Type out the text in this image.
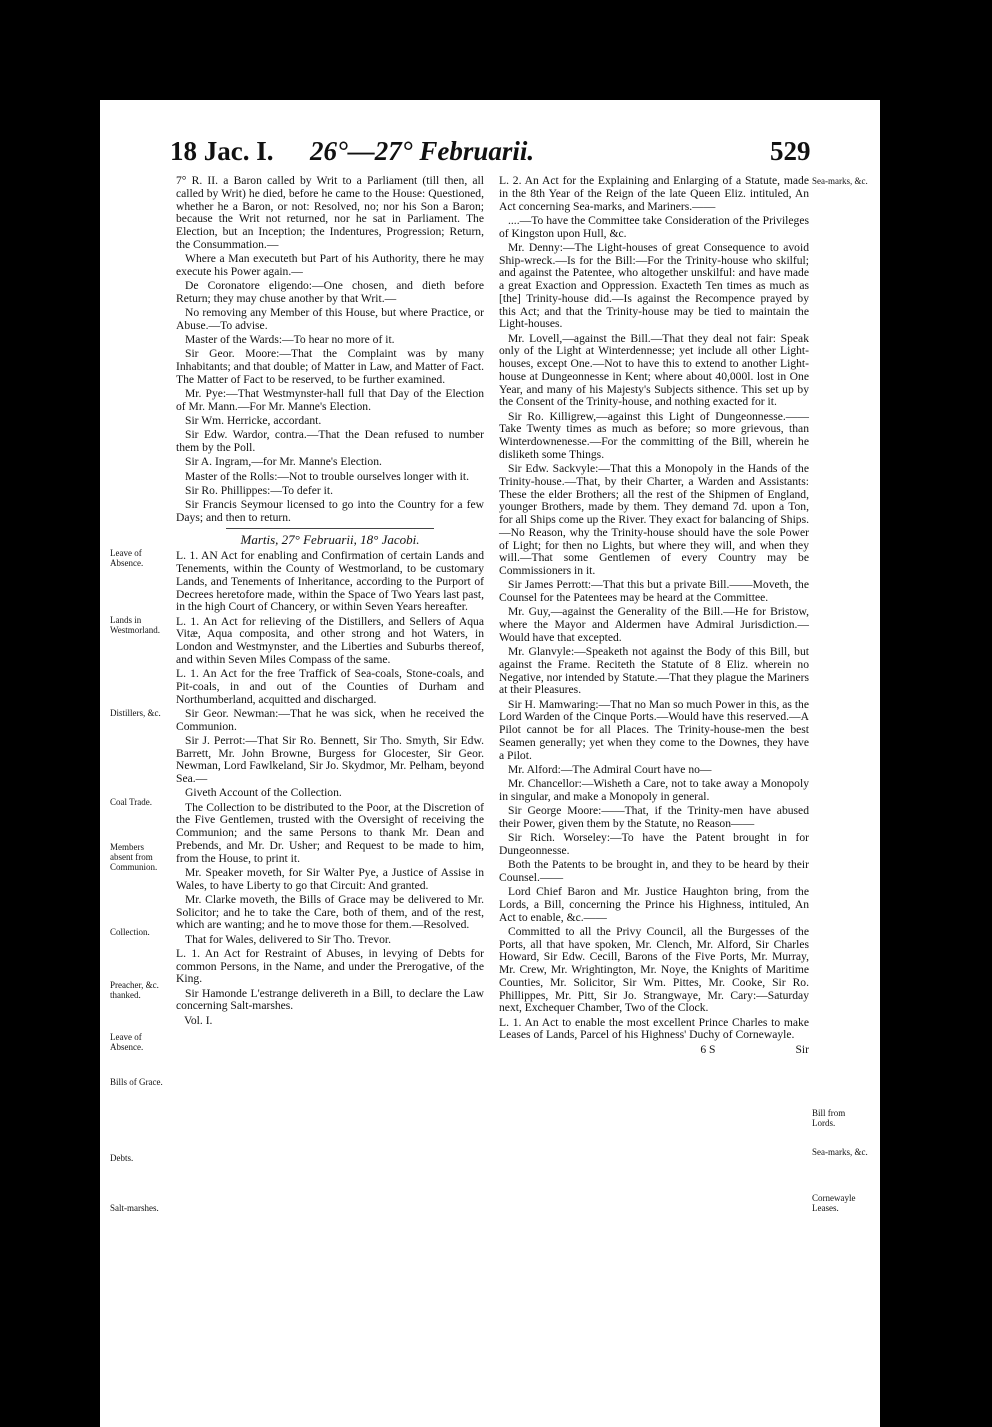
18 Jac. I. 26°—27° Februarii.	529

7° R. II. a Baron called by Writ to a Parliament (till then, all called by Writ) he died, before he came to the House: Questioned, whether he a Baron, or not: Resolved, no; nor his Son a Baron; because the Writ not returned, nor he sat in Parliament. The Election, but an Inception; the Indentures, Progression; Return, the Consummation.—

Where a Man executeth but Part of his Authority, there he may execute his Power again.—

De Coronatore eligendo:—One chosen, and dieth before Return; they may chuse another by that Writ.—

No removing any Member of this House, but where Practice, or Abuse.—To advise.

Master of the Wards:—To hear no more of it.

Sir Geor. Moore:—That the Complaint was by many Inhabitants; and that double; of Matter in Law, and Matter of Fact. The Matter of Fact to be reserved, to be further examined.

Mr. Pye:—That Westmynster-hall full that Day of the Election of Mr. Mann.—For Mr. Manne's Election.

Sir Wm. Herricke, accordant.

Sir Edw. Wardor, contra.—That the Dean refused to number them by the Poll.

Sir A. Ingram,—for Mr. Manne's Election.

Master of the Rolls:—Not to trouble ourselves longer with it.

Sir Ro. Phillippes:—To defer it.

Sir Francis Seymour licensed to go into the Country for a few Days; and then to return.

Martis, 27° Februarii, 18° Jacobi.

L. 1. AN Act for enabling and Confirmation of certain Lands and Tenements, within the County of Westmorland, to be customary Lands, and Tenements of Inheritance, according to the Purport of Decrees heretofore made, within the Space of Two Years last past, in the high Court of Chancery, or within Seven Years hereafter.

L. 1. An Act for relieving of the Distillers, and Sellers of Aqua Vitæ, Aqua composita, and other strong and hot Waters, in London and Westmynster, and the Liberties and Suburbs thereof, and within Seven Miles Compass of the same.

L. 1. An Act for the free Traffick of Sea-coals, Stone-coals, and Pit-coals, in and out of the Counties of Durham and Northumberland, acquitted and discharged.

Sir Geor. Newman:—That he was sick, when he received the Communion.

Sir J. Perrot:—That Sir Ro. Bennett, Sir Tho. Smyth, Sir Edw. Barrett, Mr. John Browne, Burgess for Glocester, Sir Geor. Newman, Lord Fawlkeland, Sir Jo. Skydmor, Mr. Pelham, beyond Sea.—

Giveth Account of the Collection.

The Collection to be distributed to the Poor, at the Discretion of the Five Gentlemen, trusted with the Oversight of receiving the Communion; and the same Persons to thank Mr. Dean and Prebends, and Mr. Dr. Usher; and Request to be made to him, from the House, to print it.

Mr. Speaker moveth, for Sir Walter Pye, a Justice of Assise in Wales, to have Liberty to go that Circuit: And granted.

Mr. Clarke moveth, the Bills of Grace may be delivered to Mr. Solicitor; and he to take the Care, both of them, and of the rest, which are wanting; and he to move those for them.—Resolved.

That for Wales, delivered to Sir Tho. Trevor.

L. 1. An Act for Restraint of Abuses, in levying of Debts for common Persons, in the Name, and under the Prerogative, of the King.

Sir Hamonde L'estrange delivereth in a Bill, to declare the Law concerning Salt-marshes.

Vol. I.

L. 2. An Act for the Explaining and Enlarging of a Statute, made in the 8th Year of the Reign of the late Queen Eliz. intituled, An Act concerning Sea-marks, and Mariners.——

....—To have the Committee take Consideration of the Privileges of Kingston upon Hull, &c.

Mr. Denny:—The Light-houses of great Consequence to avoid Ship-wreck.—Is for the Bill:—For the Trinity-house who skilful; and against the Patentee, who altogether unskilful: and have made a great Exaction and Oppression. Exacteth Ten times as much as [the] Trinity-house did.—Is against the Recompence prayed by this Act; and that the Trinity-house may be tied to maintain the Light-houses.

Mr. Lovell,—against the Bill.—That they deal not fair: Speak only of the Light at Winterdennesse; yet include all other Light-houses, except One.—Not to have this to extend to another Light-house at Dungeonnesse in Kent; where about 40,000l. lost in One Year, and many of his Majesty's Subjects sithence. This set up by the Consent of the Trinity-house, and nothing exacted for it.

Sir Ro. Killigrew,—against this Light of Dungeonnesse.——Take Twenty times as much as before; so more grievous, than Winterdownenesse.—For the committing of the Bill, wherein he disliketh some Things.

Sir Edw. Sackvyle:—That this a Monopoly in the Hands of the Trinity-house.—That, by their Charter, a Warden and Assistants: These the elder Brothers; all the rest of the Shipmen of England, younger Brothers, made by them. They demand 7d. upon a Ton, for all Ships come up the River. They exact for balancing of Ships.—No Reason, why the Trinity-house should have the sole Power of Light; for then no Lights, but where they will, and when they will.—That some Gentlemen of every Country may be Commissioners in it.

Sir James Perrott:—That this but a private Bill.——Moveth, the Counsel for the Patentees may be heard at the Committee.

Mr. Guy,—against the Generality of the Bill.—He for Bristow, where the Mayor and Aldermen have Admiral Jurisdiction.—Would have that excepted.

Mr. Glanvyle:—Speaketh not against the Body of this Bill, but against the Frame. Reciteth the Statute of 8 Eliz. wherein no Negative, nor intended by Statute.—That they plague the Mariners at their Pleasures.

Sir H. Mamwaring:—That no Man so much Power in this, as the Lord Warden of the Cinque Ports.—Would have this reserved.—A Pilot cannot be for all Places. The Trinity-house-men the best Seamen generally; yet when they come to the Downes, they have a Pilot.

Mr. Alford:—The Admiral Court have no—

Mr. Chancellor:—Wisheth a Care, not to take away a Monopoly in singular, and make a Monopoly in general.

Sir George Moore:——That, if the Trinity-men have abused their Power, given them by the Statute, no Reason——

Sir Rich. Worseley:—To have the Patent brought in for Dungeonnesse.

Both the Patents to be brought in, and they to be heard by their Counsel.——

Lord Chief Baron and Mr. Justice Haughton bring, from the Lords, a Bill, concerning the Prince his Highness, intituled, An Act to enable, &c.——

Committed to all the Privy Council, all the Burgesses of the Ports, all that have spoken, Mr. Clench, Mr. Alford, Sir Charles Howard, Sir Edw. Cecill, Barons of the Five Ports, Mr. Murray, Mr. Crew, Mr. Wrightington, Mr. Noye, the Knights of Maritime Counties, Mr. Solicitor, Sir Wm. Pittes, Mr. Cooke, Sir Ro. Phillippes, Mr. Pitt, Sir Jo. Strangwaye, Mr. Cary:—Saturday next, Exchequer Chamber, Two of the Clock.

L. 1. An Act to enable the most excellent Prince Charles to make Leases of Lands, Parcel of his Highness' Duchy of Cornewayle.

6 S	Sir

Leave of Absence.
Lands in Westmorland.
Distillers, &c.
Coal Trade.
Members absent from Communion.
Collection.
Preacher, &c. thanked.
Leave of Absence.
Bills of Grace.
Debts.
Salt-marshes.
Sea-marks, &c.
Bill from Lords.
Sea-marks, &c.
Cornewayle Leases.
